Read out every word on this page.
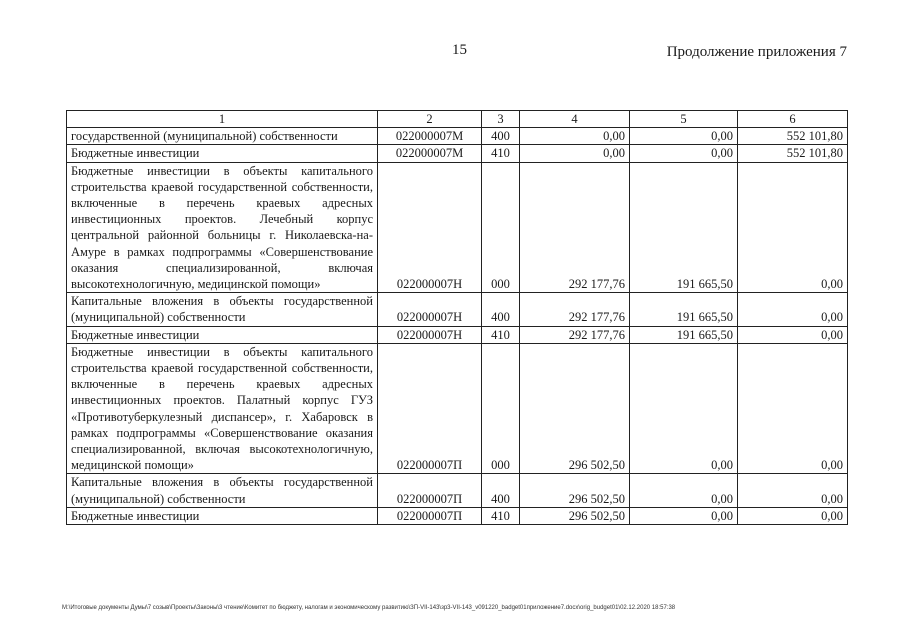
15	Продолжение приложения 7
1	2	3	4	5	6
государственной (муниципальной) собственности	022000007М	400	0,00	0,00	552 101,80
Бюджетные инвестиции	022000007М	410	0,00	0,00	552 101,80
Бюджетные инвестиции в объекты капитального строительства краевой государственной собственности, включенные в перечень краевых адресных инвестиционных проектов. Лечебный корпус центральной районной больницы г. Николаевска-на-Амуре в рамках подпрограммы «Совершенствование оказания специализированной, включая высокотехнологичную, медицинской помощи»	022000007Н	000	292 177,76	191 665,50	0,00
Капитальные вложения в объекты государственной (муниципальной) собственности	022000007Н	400	292 177,76	191 665,50	0,00
Бюджетные инвестиции	022000007Н	410	292 177,76	191 665,50	0,00
Бюджетные инвестиции в объекты капитального строительства краевой государственной собственности, включенные в перечень краевых адресных инвестиционных проектов. Палатный корпус ГУЗ «Противотуберкулезный диспансер», г. Хабаровск в рамках подпрограммы «Совершенствование оказания специализированной, включая высокотехнологичную, медицинской помощи»	022000007П	000	296 502,50	0,00	0,00
Капитальные вложения в объекты государственной (муниципальной) собственности	022000007П	400	296 502,50	0,00	0,00
Бюджетные инвестиции	022000007П	410	296 502,50	0,00	0,00
M:\Итоговые документы Думы\7 созыв\Проекты\Законы\3 чтение\Комитет по бюджету, налогам и экономическому развитию\ЗП-VII-143\зр3-VII-143_v091220_badget01приложение7.docx\orig_budget01\02.12.2020 18:57:38
